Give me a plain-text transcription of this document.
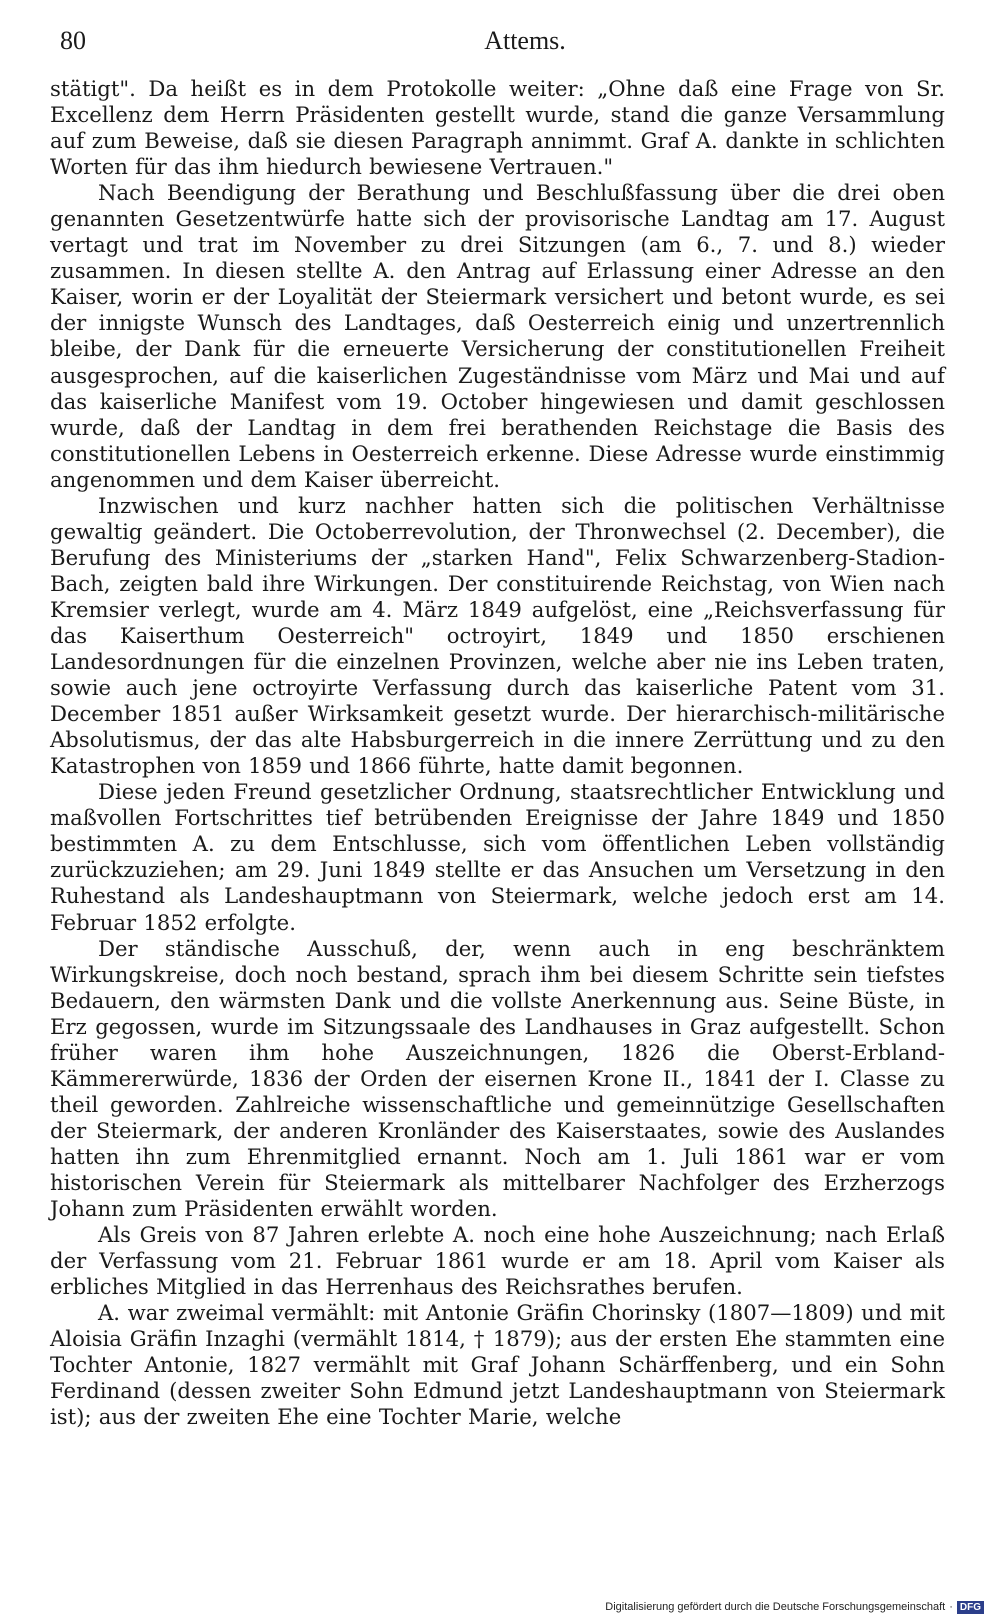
80	Attems.

stätigt". Da heißt es in dem Protokolle weiter: „Ohne daß eine Frage von Sr. Excellenz dem Herrn Präsidenten gestellt wurde, stand die ganze Versammlung auf zum Beweise, daß sie diesen Paragraph annimmt. Graf A. dankte in schlichten Worten für das ihm hiedurch bewiesene Vertrauen."

Nach Beendigung der Berathung und Beschlußfassung über die drei oben genannten Gesetzentwürfe hatte sich der provisorische Landtag am 17. August vertagt und trat im November zu drei Sitzungen (am 6., 7. und 8.) wieder zusammen. In diesen stellte A. den Antrag auf Erlassung einer Adresse an den Kaiser, worin er der Loyalität der Steiermark versichert und betont wurde, es sei der innigste Wunsch des Landtages, daß Oesterreich einig und unzertrennlich bleibe, der Dank für die erneuerte Versicherung der constitutionellen Freiheit ausgesprochen, auf die kaiserlichen Zugeständnisse vom März und Mai und auf das kaiserliche Manifest vom 19. October hingewiesen und damit geschlossen wurde, daß der Landtag in dem frei berathenden Reichstage die Basis des constitutionellen Lebens in Oesterreich erkenne. Diese Adresse wurde einstimmig angenommen und dem Kaiser überreicht.

Inzwischen und kurz nachher hatten sich die politischen Verhältnisse gewaltig geändert. Die Octoberrevolution, der Thronwechsel (2. December), die Berufung des Ministeriums der „starken Hand", Felix Schwarzenberg-Stadion-Bach, zeigten bald ihre Wirkungen. Der constituirende Reichstag, von Wien nach Kremsier verlegt, wurde am 4. März 1849 aufgelöst, eine „Reichsverfassung für das Kaiserthum Oesterreich" octroyirt, 1849 und 1850 erschienen Landesordnungen für die einzelnen Provinzen, welche aber nie ins Leben traten, sowie auch jene octroyirte Verfassung durch das kaiserliche Patent vom 31. December 1851 außer Wirksamkeit gesetzt wurde. Der hierarchisch-militärische Absolutismus, der das alte Habsburgerreich in die innere Zerrüttung und zu den Katastrophen von 1859 und 1866 führte, hatte damit begonnen.

Diese jeden Freund gesetzlicher Ordnung, staatsrechtlicher Entwicklung und maßvollen Fortschrittes tief betrübenden Ereignisse der Jahre 1849 und 1850 bestimmten A. zu dem Entschlusse, sich vom öffentlichen Leben vollständig zurückzuziehen; am 29. Juni 1849 stellte er das Ansuchen um Versetzung in den Ruhestand als Landeshauptmann von Steiermark, welche jedoch erst am 14. Februar 1852 erfolgte.

Der ständische Ausschuß, der, wenn auch in eng beschränktem Wirkungskreise, doch noch bestand, sprach ihm bei diesem Schritte sein tiefstes Bedauern, den wärmsten Dank und die vollste Anerkennung aus. Seine Büste, in Erz gegossen, wurde im Sitzungssaale des Landhauses in Graz aufgestellt. Schon früher waren ihm hohe Auszeichnungen, 1826 die Oberst-Erbland-Kämmererwürde, 1836 der Orden der eisernen Krone II., 1841 der I. Classe zu theil geworden. Zahlreiche wissenschaftliche und gemeinnützige Gesellschaften der Steiermark, der anderen Kronländer des Kaiserstaates, sowie des Auslandes hatten ihn zum Ehrenmitglied ernannt. Noch am 1. Juli 1861 war er vom historischen Verein für Steiermark als mittelbarer Nachfolger des Erzherzogs Johann zum Präsidenten erwählt worden.

Als Greis von 87 Jahren erlebte A. noch eine hohe Auszeichnung; nach Erlaß der Verfassung vom 21. Februar 1861 wurde er am 18. April vom Kaiser als erbliches Mitglied in das Herrenhaus des Reichsrathes berufen.

A. war zweimal vermählt: mit Antonie Gräfin Chorinsky (1807—1809) und mit Aloisia Gräfin Inzaghi (vermählt 1814, † 1879); aus der ersten Ehe stammten eine Tochter Antonie, 1827 vermählt mit Graf Johann Schärffenberg, und ein Sohn Ferdinand (dessen zweiter Sohn Edmund jetzt Landeshauptmann von Steiermark ist); aus der zweiten Ehe eine Tochter Marie, welche

Digitalisierung gefördert durch die Deutsche Forschungsgemeinschaft · DFG
